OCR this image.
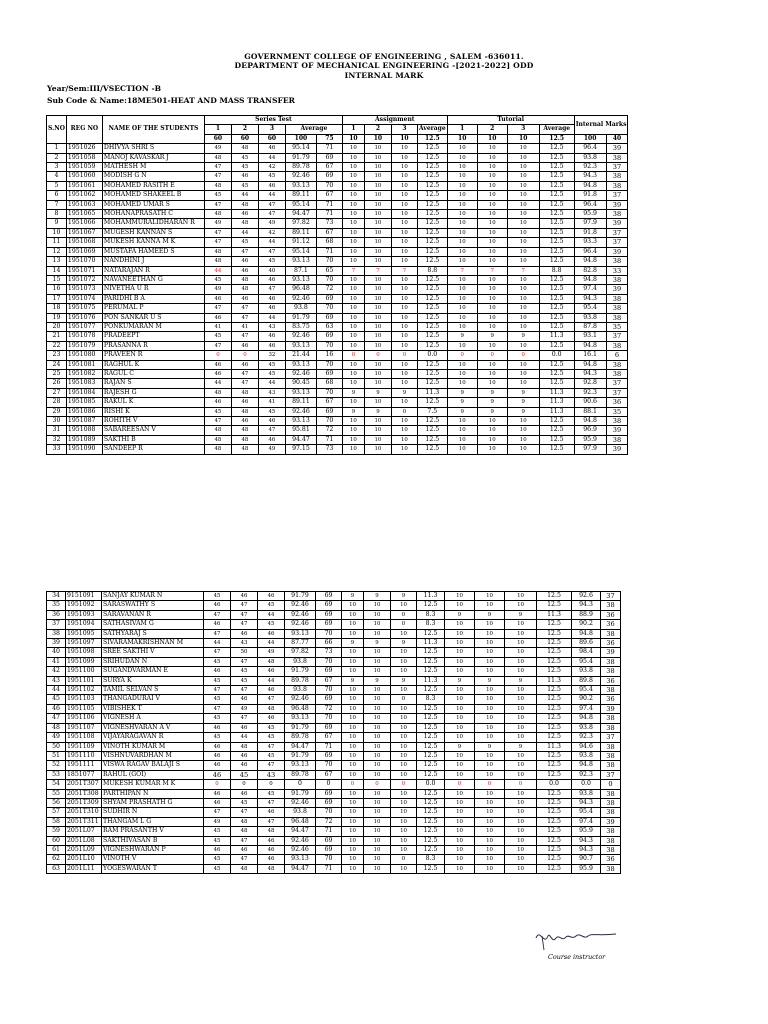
GOVERNMENT COLLEGE OF ENGINEERING , SALEM -636011.
DEPARTMENT OF MECHANICAL ENGINEERING -[2021-2022] ODD
INTERNAL MARK
Year/Sem:III/VSECTION -B
Sub Code & Name:18ME501-HEAT AND MASS TRANSFER
S.NO	REG NO	NAME OF THE STUDENTS	Series Test					Assignment				Tutorial				Internal Marks	
			1	2	3	Average		1	2	3	Average	1	2	3	Average		
			60	60	60	100	75	10	10	10	12.5	10	10	10	12.5	100	40
1	1951026	DHIVYA SHRI S	49	48	46	95.14	71	10	10	10	12.5	10	10	10	12.5	96.4	39
2	1951058	MANOJ KAVASKAR J	48	45	44	91.79	69	10	10	10	12.5	10	10	10	12.5	93.8	38
3	1951059	MATHESH M	47	45	42	89.78	67	10	10	10	12.5	10	10	10	12.5	92.3	37
4	1951060	MODISH G N	47	46	45	92.46	69	10	10	10	12.5	10	10	10	12.5	94.3	38
5	1951061	MOHAMED RASITH E	48	45	46	93.13	70	10	10	10	12.5	10	10	10	12.5	94.8	38
6	1951062	MOHAMED SHAKEEL B	45	44	44	89.11	67	10	10	10	12.5	10	10	10	12.5	91.8	37
7	1951063	MOHAMED UMAR S	47	48	47	95.14	71	10	10	10	12.5	10	10	10	12.5	96.4	39
8	1951065	MOHANAPRASATH C	48	46	47	94.47	71	10	10	10	12.5	10	10	10	12.5	95.9	38
9	1951066	MOHAMMURALIDHARAN R	49	48	49	97.82	73	10	10	10	12.5	10	10	10	12.5	97.9	39
10	1951067	MUGESH KANNAN S	47	44	42	89.11	67	10	10	10	12.5	10	10	10	12.5	91.8	37
11	1951068	MUKESH KANNA M K	47	45	44	91.12	68	10	10	10	12.5	10	10	10	12.5	93.3	37
12	1951069	MUSTAFA HAMEED S	48	47	47	95.14	71	10	10	10	12.5	10	10	10	12.5	96.4	39
13	1951070	NANDHINI J	48	46	45	93.13	70	10	10	10	12.5	10	10	10	12.5	94.8	38
14	1951071	NATARAJAN R	44	46	40	87.1	65	7	7	7	8.8	7	7	7	8.8	82.8	33
15	1951072	NAVANEETHAN G	45	48	46	93.13	70	10	10	10	12.5	10	10	10	12.5	94.8	38
16	1951073	NIVETHA U R	49	48	47	96.48	72	10	10	10	12.5	10	10	10	12.5	97.4	39
17	1951074	PARIDHI B A	46	46	46	92.46	69	10	10	10	12.5	10	10	10	12.5	94.3	38
18	1951075	PERUMAL P	47	47	46	93.8	70	10	10	10	12.5	10	10	10	12.5	95.4	38
19	1951076	PON SANKAR U S	46	47	44	91.79	69	10	10	10	12.5	10	10	10	12.5	93.8	38
20	1951077	PONKUMARAN M	41	41	43	83.75	63	10	10	10	12.5	10	10	10	12.5	87.8	35
21	1951078	PRADEEPT	45	47	46	92.46	69	10	10	10	12.5	9	9	9	11.3	93.1	37
22	1951079	PRASANNA R	47	46	46	93.13	70	10	10	10	12.5	10	10	10	12.5	94.8	38
23	1951080	PRAVEEN R	0	0	32	21.44	16	0	0	0	0.0	0	0	0	0.0	16.1	6
24	1951081	RAGHUL K	46	46	45	93.13	70	10	10	10	12.5	10	10	10	12.5	94.8	38
25	1951082	RAGUL C	46	47	45	92.46	69	10	10	10	12.5	10	10	10	12.5	94.3	38
26	1951083	RAJAN S	44	47	44	90.45	68	10	10	10	12.5	10	10	10	12.5	92.8	37
27	1951084	RAJESH G	48	48	43	93.13	70	9	9	9	11.3	9	9	9	11.3	92.3	37
28	1951085	RAKUL K	46	46	41	89.11	67	10	10	10	12.5	9	9	9	11.3	90.6	36
29	1951086	RISHI K	45	48	45	92.46	69	9	9	0	7.5	9	9	9	11.3	88.1	35
30	1951087	ROHITH V	47	46	46	93.13	70	10	10	10	12.5	10	10	10	12.5	94.8	38
31	1951088	SABAREESAN V	48	48	47	95.81	72	10	10	10	12.5	10	10	10	12.5	96.9	39
32	1951089	SAKTHI B	48	48	46	94.47	71	10	10	10	12.5	10	10	10	12.5	95.9	38
33	1951090	SANDEEP R	48	48	49	97.15	73	10	10	10	12.5	10	10	10	12.5	97.9	39
34	9151091	SANJAY KUMAR N	45	46	46	91.79	69	9	9	9	11.3	10	10	10	12.5	92.6	37
35	1951092	SARASWATHY S	46	47	45	92.46	69	10	10	10	12.5	10	10	10	12.5	94.3	38
36	1951093	SARAVANAN R	47	47	44	92.46	69	10	10	0	8.3	9	9	9	11.3	88.9	36
37	1951094	SATHASIVAM G	46	47	45	92.46	69	10	10	0	8.3	10	10	10	12.5	90.2	36
38	1951095	SATHYARAJ S	47	46	46	93.13	70	10	10	10	12.5	10	10	10	12.5	94.8	38
39	1951097	SIVARAMAKRISHNAN M	44	43	44	87.77	66	9	9	9	11.3	10	10	10	12.5	89.6	36
40	1951098	SREE SAKTHI V	47	50	49	97.82	73	10	10	10	12.5	10	10	10	12.5	98.4	39
41	1951099	SRIHUDAN N	45	47	48	93.8	70	10	10	10	12.5	10	10	10	12.5	95.4	38
42	1951100	SUGANDVARMAN E	46	45	46	91.79	69	10	10	10	12.5	10	10	10	12.5	93.8	38
43	1951101	SURYA K	45	45	44	89.78	67	9	9	9	11.3	9	9	9	11.3	89.8	36
44	1951102	TAMIL SELVAN S	47	47	46	93.8	70	10	10	10	12.5	10	10	10	12.5	95.4	38
45	1951103	THANGADURAI V	45	46	47	92.46	69	10	10	0	8.3	10	10	10	12.5	90.2	36
46	1951105	VIBISHEK T	47	49	48	96.48	72	10	10	10	12.5	10	10	10	12.5	97.4	39
47	1951106	VIGNESH A	45	47	46	93.13	70	10	10	10	12.5	10	10	10	12.5	94.8	38
48	1951107	VIGNESHVARAN A V	46	46	45	91.79	69	10	10	10	12.5	10	10	10	12.5	93.8	38
49	1951108	VIJAYARAGAVAN R	45	44	45	89.78	67	10	10	10	12.5	10	10	10	12.5	92.3	37
50	1951109	VINOTH KUMAR M	46	48	47	94.47	71	10	10	10	12.5	9	9	9	11.3	94.6	38
51	1951110	VISHNUVARDHAN M	46	46	45	91.79	69	10	10	10	12.5	10	10	10	12.5	93.8	38
52	1951111	VISWA RAGAV BALAJI S	46	46	47	93.13	70	10	10	10	12.5	10	10	10	12.5	94.8	38
53	1851077	RAHUL (GOI)	46	45	43	89.78	67	10	10	10	12.5	10	10	10	12.5	92.3	37
54	2051T307	MUKESH KUMAR M K	0	0	0	0	0	0	0	0	0.0	0	0	0	0.0	0.0	0
55	2051T308	PARTHIPAN N	46	46	45	91.79	69	10	10	10	12.5	10	10	10	12.5	93.8	38
56	2051T309	SHYAM PRASHATH G	46	45	47	92.46	69	10	10	10	12.5	10	10	10	12.5	94.3	38
57	2051T310	SUDHIR N	47	47	46	93.8	70	10	10	10	12.5	10	10	10	12.5	95.4	38
58	2051T311	THANGAM L G	49	48	47	96.48	72	10	10	10	12.5	10	10	10	12.5	97.4	39
59	2051L07	RAM PRASANTH V	45	48	48	94.47	71	10	10	10	12.5	10	10	10	12.5	95.9	38
60	2051L08	SAKTHIVASAN B	45	47	46	92.46	69	10	10	10	12.5	10	10	10	12.5	94.3	38
61	2051L09	VIGNESHWARAN P	46	46	46	92.46	69	10	10	10	12.5	10	10	10	12.5	94.3	38
62	2051L10	VINOTH V	45	47	46	93.13	70	10	10	0	8.3	10	10	10	12.5	90.7	36
63	2051L11	YOGESWARAN T	45	48	48	94.47	71	10	10	10	12.5	10	10	10	12.5	95.9	38
Course instructor
